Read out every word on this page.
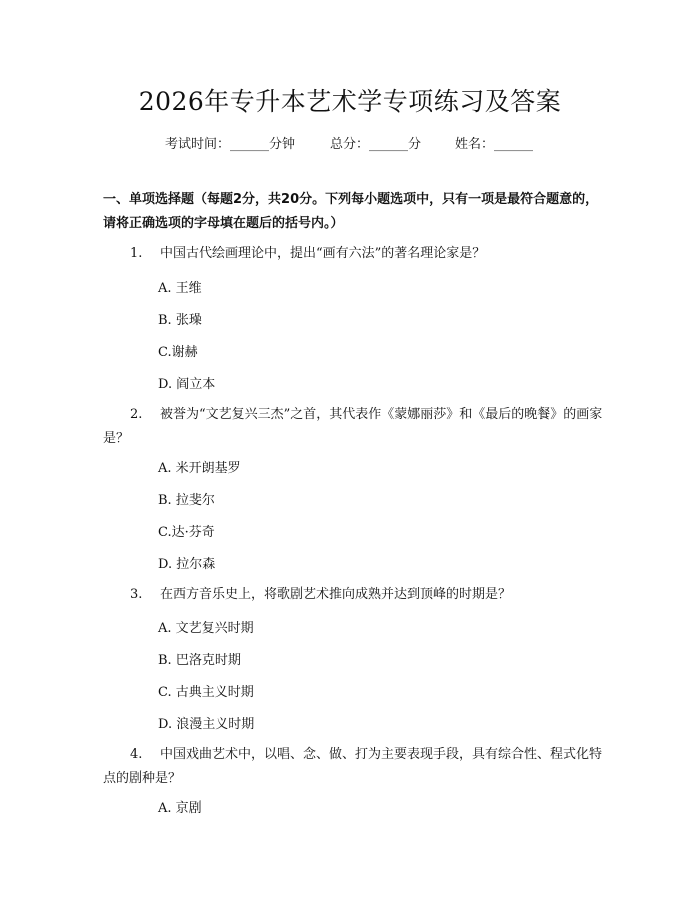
2026年专升本艺术学专项练习及答案
考试时间：______分钟	总分：______分	姓名：______
一、单项选择题（每题2分，共20分。下列每小题选项中，只有一项是最符合题意的，请将正确选项的字母填在题后的括号内。）
1. 中国古代绘画理论中，提出“画有六法”的著名理论家是？
A. 王维
B. 张璪
C.谢赫
D. 阎立本
2. 被誉为“文艺复兴三杰”之首，其代表作《蒙娜丽莎》和《最后的晚餐》的画家是？
A. 米开朗基罗
B. 拉斐尔
C.达·芬奇
D. 拉尔森
3. 在西方音乐史上，将歌剧艺术推向成熟并达到顶峰的时期是？
A. 文艺复兴时期
B. 巴洛克时期
C. 古典主义时期
D. 浪漫主义时期
4. 中国戏曲艺术中，以唱、念、做、打为主要表现手段，具有综合性、程式化特点的剧种是？
A. 京剧
